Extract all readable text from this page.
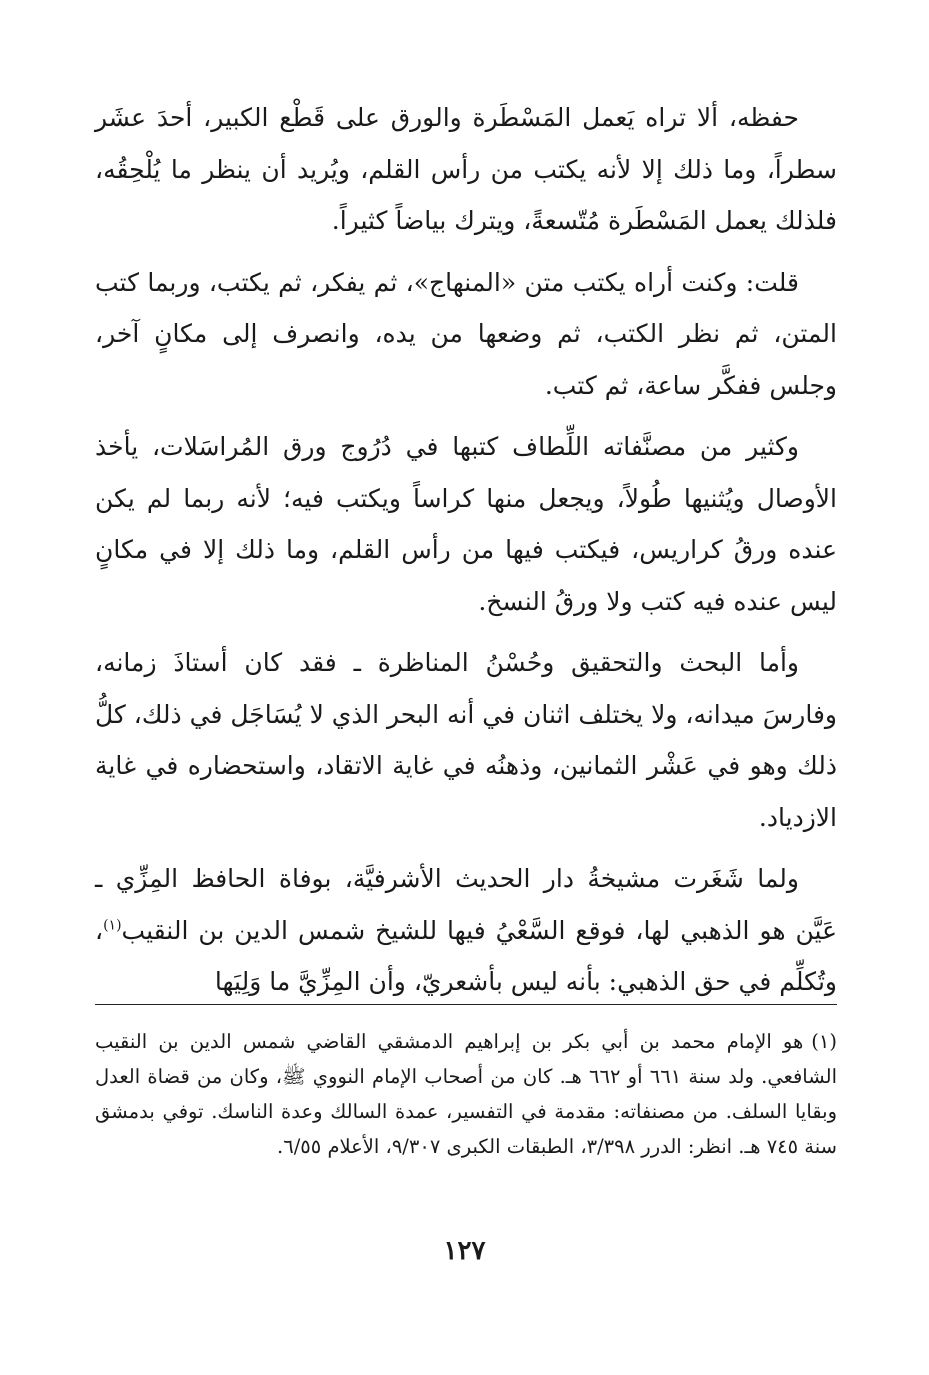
حفظه، ألا تراه يَعمل المَسْطَرة والورق على قَطْع الكبير، أحدَ عشَر سطراً، وما ذلك إلا لأنه يكتب من رأس القلم، ويُريد أن ينظر ما يُلْحِقُه، فلذلك يعمل المَسْطَرة مُتّسعةً، ويترك بياضاً كثيراً.

قلت: وكنت أراه يكتب متن «المنهاج»، ثم يفكر، ثم يكتب، وربما كتب المتن، ثم نظر الكتب، ثم وضعها من يده، وانصرف إلى مكانٍ آخر، وجلس ففكَّر ساعة، ثم كتب.

وكثير من مصنَّفاته اللِّطاف كتبها في دُرُوج ورق المُراسَلات، يأخذ الأوصال ويُثنيها طُولاً، ويجعل منها كراساً ويكتب فيه؛ لأنه ربما لم يكن عنده ورقُ كراريس، فيكتب فيها من رأس القلم، وما ذلك إلا في مكانٍ ليس عنده فيه كتب ولا ورقُ النسخ.

وأما البحث والتحقيق وحُسْنُ المناظرة ـ فقد كان أستاذَ زمانه، وفارسَ ميدانه، ولا يختلف اثنان في أنه البحر الذي لا يُسَاجَل في ذلك، كلُّ ذلك وهو في عَشْر الثمانين، وذهنُه في غاية الاتقاد، واستحضاره في غاية الازدياد.

ولما شَغَرت مشيخةُ دار الحديث الأشرفيَّة، بوفاة الحافظ المِزِّي ـ عَيَّن هو الذهبي لها، فوقع السَّعْيُ فيها للشيخ شمس الدين بن النقيب$^{(١)}$، وتُكلِّم في حق الذهبي: بأنه ليس بأشعريّ، وأن المِزِّيَّ ما وَلِيَها

(١)هو الإمام محمد بن أبي بكر بن إبراهيم الدمشقي القاضي شمس الدين بن النقيب الشافعي. ولد سنة ٦٦١ أو ٦٦٢ هـ. كان من أصحاب الإمام النووي ﷺ، وكان من قضاة العدل وبقايا السلف. من مصنفاته: مقدمة في التفسير، عمدة السالك وعدة الناسك. توفي بدمشق سنة ٧٤٥ هـ. انظر: الدرر ٣/٣٩٨، الطبقات الكبرى ٩/٣٠٧، الأعلام ٦/٥٥.
١٢٧
